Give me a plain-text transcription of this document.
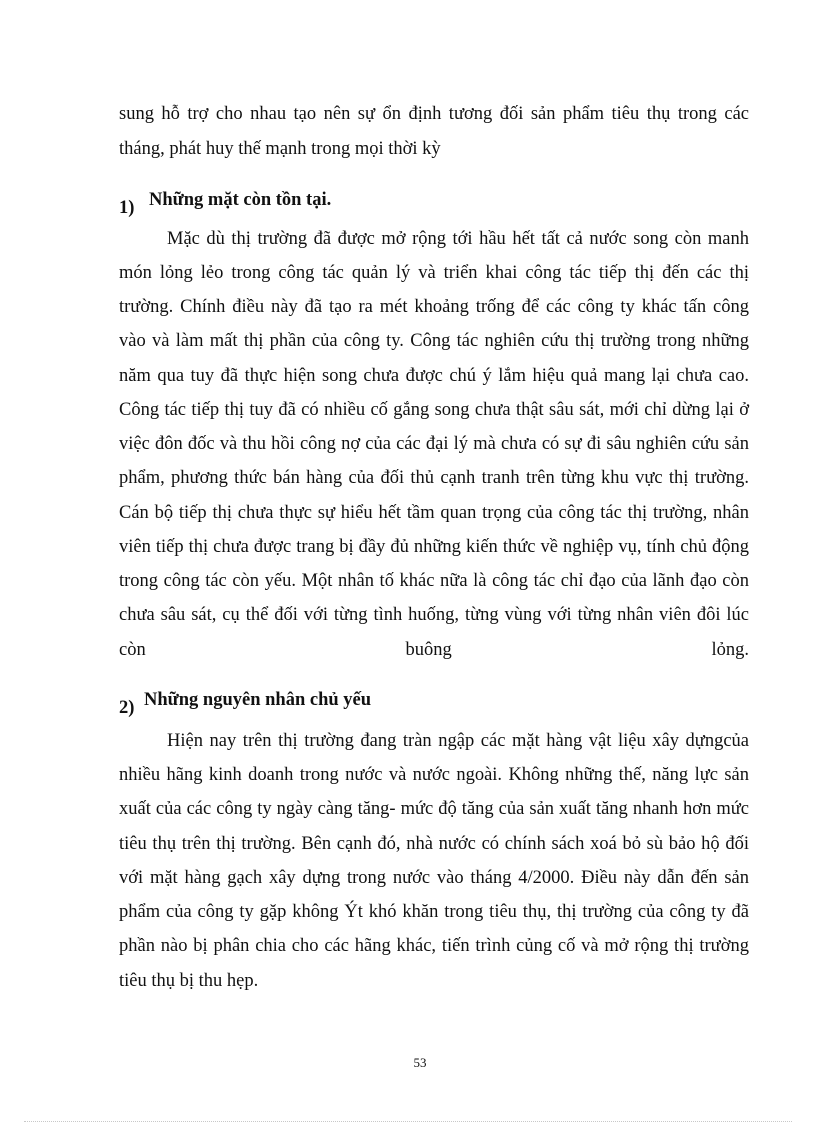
sung hỗ trợ cho nhau tạo nên sự ổn định tương đối sản phẩm tiêu thụ trong các
tháng, phát huy thế mạnh trong mọi thời kỳ
1) Những mặt còn tồn tại.
Mặc dù thị trường đã được mở rộng tới hầu hết tất cả nước song còn manh
món lỏng lẻo trong công tác quản lý và triển khai công tác tiếp thị đến các thị
trường. Chính điều này đã tạo ra mét khoảng trống để các công ty khác tấn công
vào và làm mất thị phần của công ty. Công tác nghiên cứu thị trường trong những
năm qua tuy đã thực hiện song chưa được chú ý lắm hiệu quả mang lại chưa cao.
Công tác tiếp thị tuy đã có nhiều cố gắng song chưa thật sâu sát, mới chỉ dừng lại ở
việc đôn đốc và thu hồi công nợ của các đại lý mà chưa có sự đi sâu nghiên cứu sản
phẩm, phương thức bán hàng của đối thủ cạnh tranh trên từng khu vực thị trường.
Cán bộ tiếp thị chưa thực sự hiểu hết tầm quan trọng của công tác thị trường, nhân
viên tiếp thị chưa được trang bị đầy đủ những kiến thức về nghiệp vụ, tính chủ động
trong công tác còn yếu. Một nhân tố khác nữa là công tác chỉ đạo của lãnh đạo còn
chưa sâu sát, cụ thể đối với từng tình huống, từng vùng với từng nhân viên đôi lúc
còn buông lỏng.
2) Những nguyên nhân chủ yếu
Hiện nay trên thị trường đang tràn ngập các mặt hàng vật liệu xây dựngcủa
nhiều hãng kinh doanh trong nước và nước ngoài. Không những thế, năng lực sản
xuất của các công ty ngày càng tăng- mức độ tăng của sản xuất tăng nhanh hơn mức
tiêu thụ trên thị trường. Bên cạnh đó, nhà nước có chính sách xoá bỏ sù bảo hộ đối
với mặt hàng gạch xây dựng trong nước vào tháng 4/2000. Điều này dẫn đến sản
phẩm của công ty gặp không Ýt khó khăn trong tiêu thụ, thị trường của công ty đã
phần nào bị phân chia cho các hãng khác, tiến trình củng cố và mở rộng thị trường
tiêu thụ bị thu hẹp.
53
